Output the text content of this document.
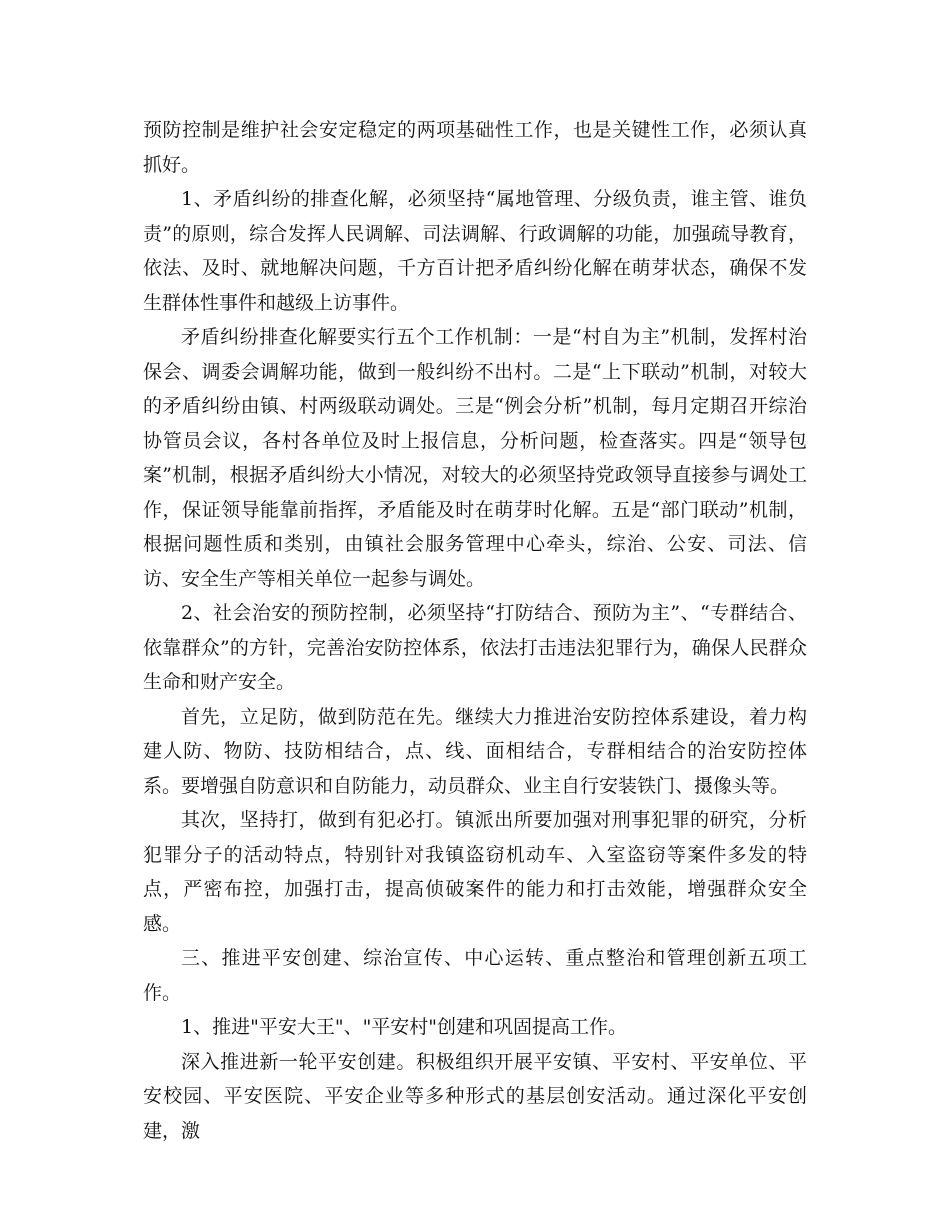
预防控制是维护社会安定稳定的两项基础性工作，也是关键性工作，必须认真抓好。

1、矛盾纠纷的排查化解，必须坚持“属地管理、分级负责，谁主管、谁负责”的原则，综合发挥人民调解、司法调解、行政调解的功能，加强疏导教育，依法、及时、就地解决问题，千方百计把矛盾纠纷化解在萌芽状态，确保不发生群体性事件和越级上访事件。

矛盾纠纷排查化解要实行五个工作机制：一是“村自为主”机制，发挥村治保会、调委会调解功能，做到一般纠纷不出村。二是“上下联动”机制，对较大的矛盾纠纷由镇、村两级联动调处。三是“例会分析”机制，每月定期召开综治协管员会议，各村各单位及时上报信息，分析问题，检查落实。四是“领导包案”机制，根据矛盾纠纷大小情况，对较大的必须坚持党政领导直接参与调处工作，保证领导能靠前指挥，矛盾能及时在萌芽时化解。五是“部门联动”机制，根据问题性质和类别，由镇社会服务管理中心牵头，综治、公安、司法、信访、安全生产等相关单位一起参与调处。

2、社会治安的预防控制，必须坚持“打防结合、预防为主”、“专群结合、依靠群众”的方针，完善治安防控体系，依法打击违法犯罪行为，确保人民群众生命和财产安全。

首先，立足防，做到防范在先。继续大力推进治安防控体系建设，着力构建人防、物防、技防相结合，点、线、面相结合，专群相结合的治安防控体系。要增强自防意识和自防能力，动员群众、业主自行安装铁门、摄像头等。

其次，坚持打，做到有犯必打。镇派出所要加强对刑事犯罪的研究，分析犯罪分子的活动特点，特别针对我镇盗窃机动车、入室盗窃等案件多发的特点，严密布控，加强打击，提高侦破案件的能力和打击效能，增强群众安全感。

三、推进平安创建、综治宣传、中心运转、重点整治和管理创新五项工作。

1、推进"平安大王"、"平安村"创建和巩固提高工作。

深入推进新一轮平安创建。积极组织开展平安镇、平安村、平安单位、平安校园、平安医院、平安企业等多种形式的基层创安活动。通过深化平安创建，激
